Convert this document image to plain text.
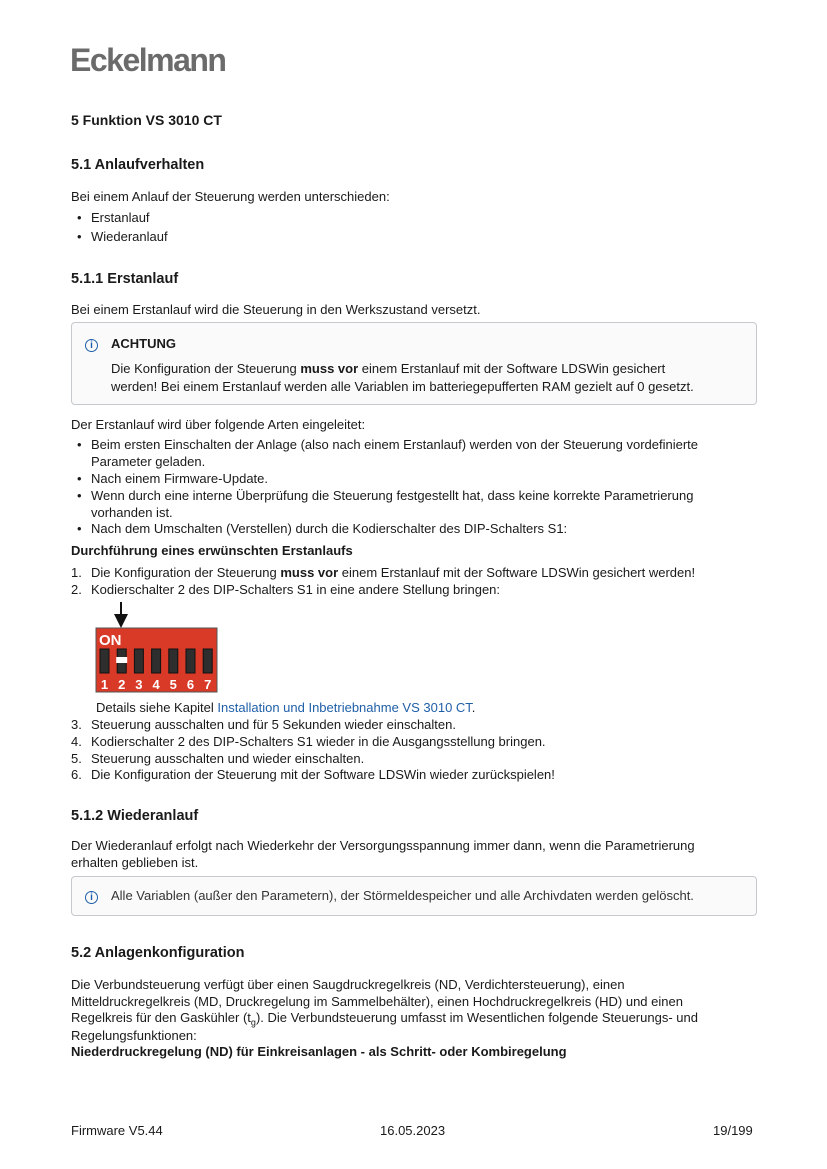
Eckelmann
5 Funktion VS 3010 CT
5.1 Anlaufverhalten
Bei einem Anlauf der Steuerung werden unterschieden:
• Erstanlauf
• Wiederanlauf
5.1.1 Erstanlauf
Bei einem Erstanlauf wird die Steuerung in den Werkszustand versetzt.
i	ACHTUNG
Die Konfiguration der Steuerung muss vor einem Erstanlauf mit der Software LDSWin gesichert
werden! Bei einem Erstanlauf werden alle Variablen im batteriegepufferten RAM gezielt auf 0 gesetzt.
Der Erstanlauf wird über folgende Arten eingeleitet:
• Beim ersten Einschalten der Anlage (also nach einem Erstanlauf) werden von der Steuerung vordefinierte
Parameter geladen.
• Nach einem Firmware-Update.
• Wenn durch eine interne Überprüfung die Steuerung festgestellt hat, dass keine korrekte Parametrierung
vorhanden ist.
• Nach dem Umschalten (Verstellen) durch die Kodierschalter des DIP-Schalters S1:
Durchführung eines erwünschten Erstanlaufs
1. Die Konfiguration der Steuerung muss vor einem Erstanlauf mit der Software LDSWin gesichert werden!
2. Kodierschalter 2 des DIP-Schalters S1 in eine andere Stellung bringen:
ON
1 2 3 4 5 6 7
Details siehe Kapitel Installation und Inbetriebnahme VS 3010 CT.
3. Steuerung ausschalten und für 5 Sekunden wieder einschalten.
4. Kodierschalter 2 des DIP-Schalters S1 wieder in die Ausgangsstellung bringen.
5. Steuerung ausschalten und wieder einschalten.
6. Die Konfiguration der Steuerung mit der Software LDSWin wieder zurückspielen!
5.1.2 Wiederanlauf
Der Wiederanlauf erfolgt nach Wiederkehr der Versorgungsspannung immer dann, wenn die Parametrierung
erhalten geblieben ist.
i	Alle Variablen (außer den Parametern), der Störmeldespeicher und alle Archivdaten werden gelöscht.
5.2 Anlagenkonfiguration
Die Verbundsteuerung verfügt über einen Saugdruckregelkreis (ND, Verdichtersteuerung), einen
Mitteldruckregelkreis (MD, Druckregelung im Sammelbehälter), einen Hochdruckregelkreis (HD) und einen
Regelkreis für den Gaskühler $(t_g)$. Die Verbundsteuerung umfasst im Wesentlichen folgende Steuerungs- und
Regelungsfunktionen:
Niederdruckregelung (ND) für Einkreisanlagen - als Schritt- oder Kombiregelung
Firmware V5.44	16.05.2023	19/199
